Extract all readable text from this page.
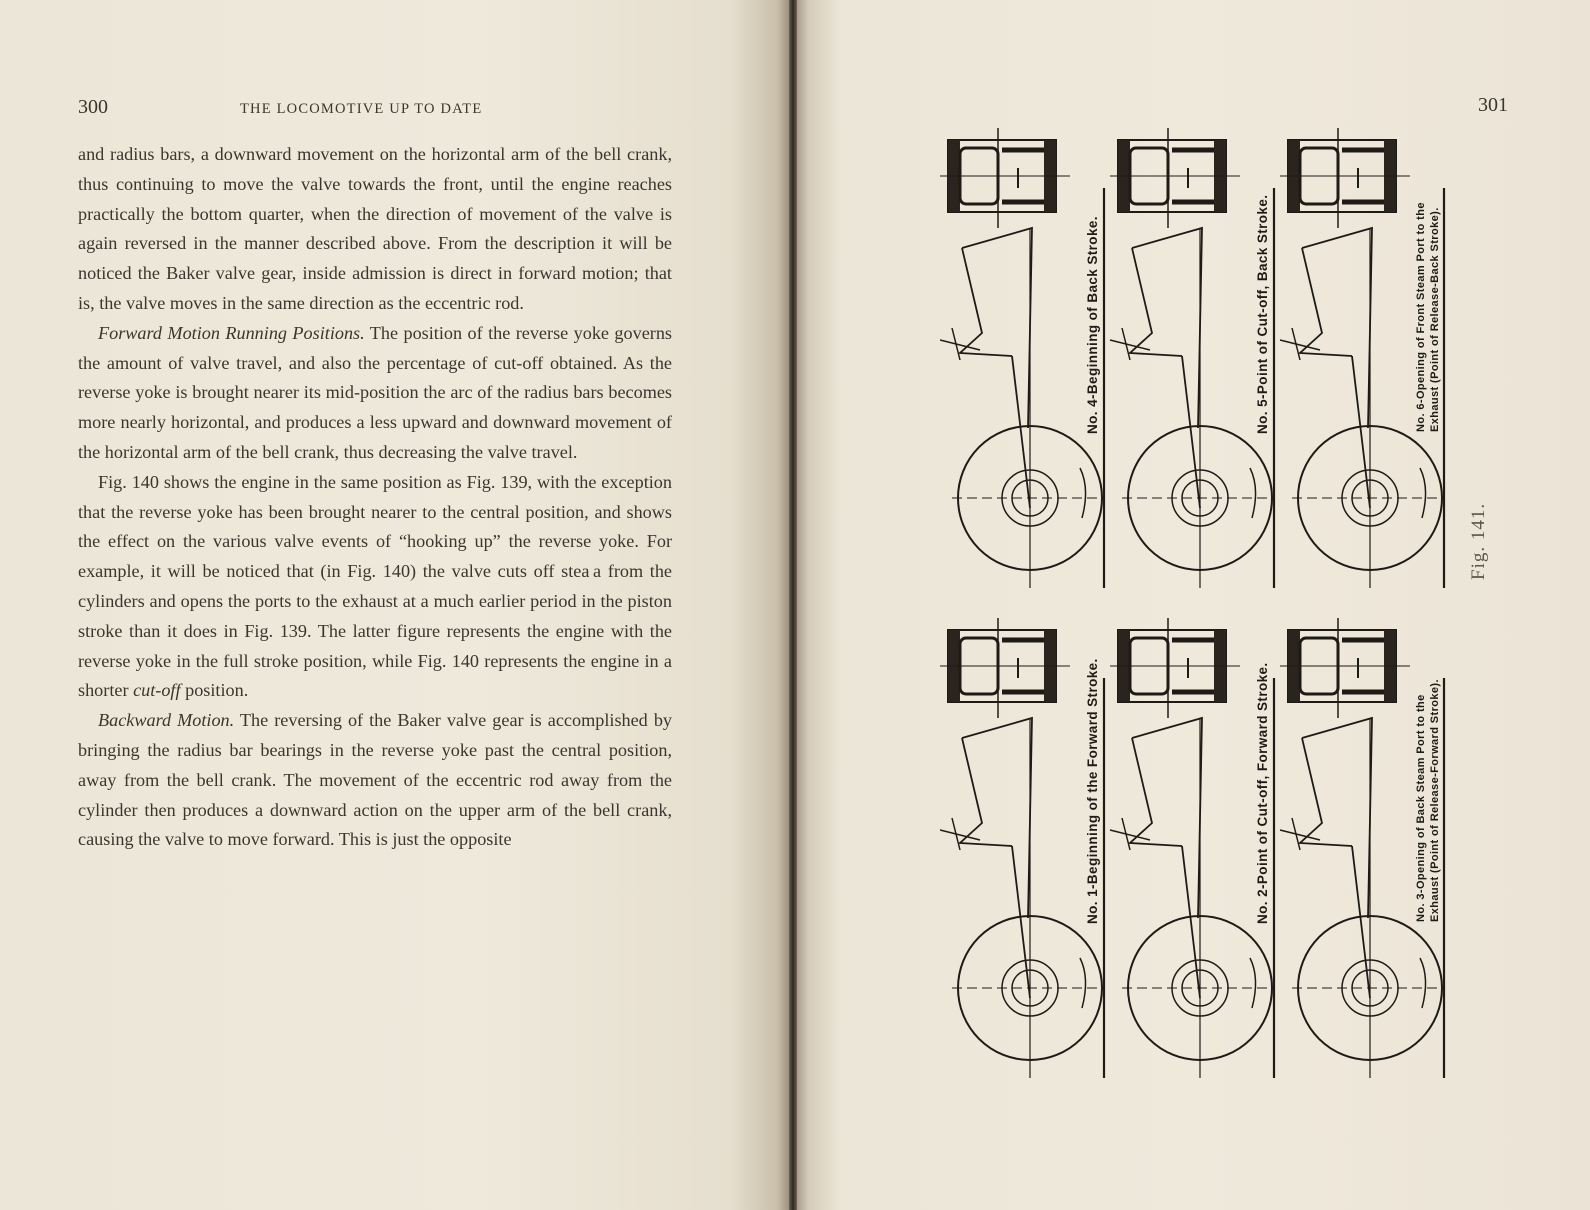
300	THE LOCOMOTIVE UP TO DATE	301

and radius bars, a downward movement on the horizontal arm of the bell crank, thus continuing to move the valve towards the front, until the engine reaches practically the bottom quarter, when the direction of movement of the valve is again reversed in the manner described above. From the description it will be noticed the Baker valve gear, inside admission is direct in forward motion; that is, the valve moves in the same direction as the eccentric rod.

Forward Motion Running Positions. The position of the reverse yoke governs the amount of valve travel, and also the percentage of cut-off obtained. As the reverse yoke is brought nearer its mid-position the arc of the radius bars becomes more nearly horizontal, and produces a less upward and downward movement of the horizontal arm of the bell crank, thus decreasing the valve travel.

Fig. 140 shows the engine in the same position as Fig. 139, with the exception that the reverse yoke has been brought nearer to the central position, and shows the effect on the various valve events of “hooking up” the reverse yoke. For example, it will be noticed that (in Fig. 140) the valve cuts off stea a from the cylinders and opens the ports to the exhaust at a much earlier period in the piston stroke than it does in Fig. 139. The latter figure represents the engine with the reverse yoke in the full stroke position, while Fig. 140 represents the engine in a shorter cut-off position.

Backward Motion. The reversing of the Baker valve gear is accomplished by bringing the radius bar bearings in the reverse yoke past the central position, away from the bell crank. The movement of the eccentric rod away from the cylinder then produces a downward action on the upper arm of the bell crank, causing the valve to move forward. This is just the opposite

No. 4-Beginning of Back Stroke.	No. 5-Point of Cut-off, Back Stroke.	No. 6-Opening of Front Steam Port to the Exhaust (Point of Release-Back Stroke).
No. 1-Beginning of the Forward Stroke.	No. 2-Point of Cut-off, Forward Stroke.	No. 3-Opening of Back Steam Port to the Exhaust (Point of Release-Forward Stroke).
Fig. 141.
